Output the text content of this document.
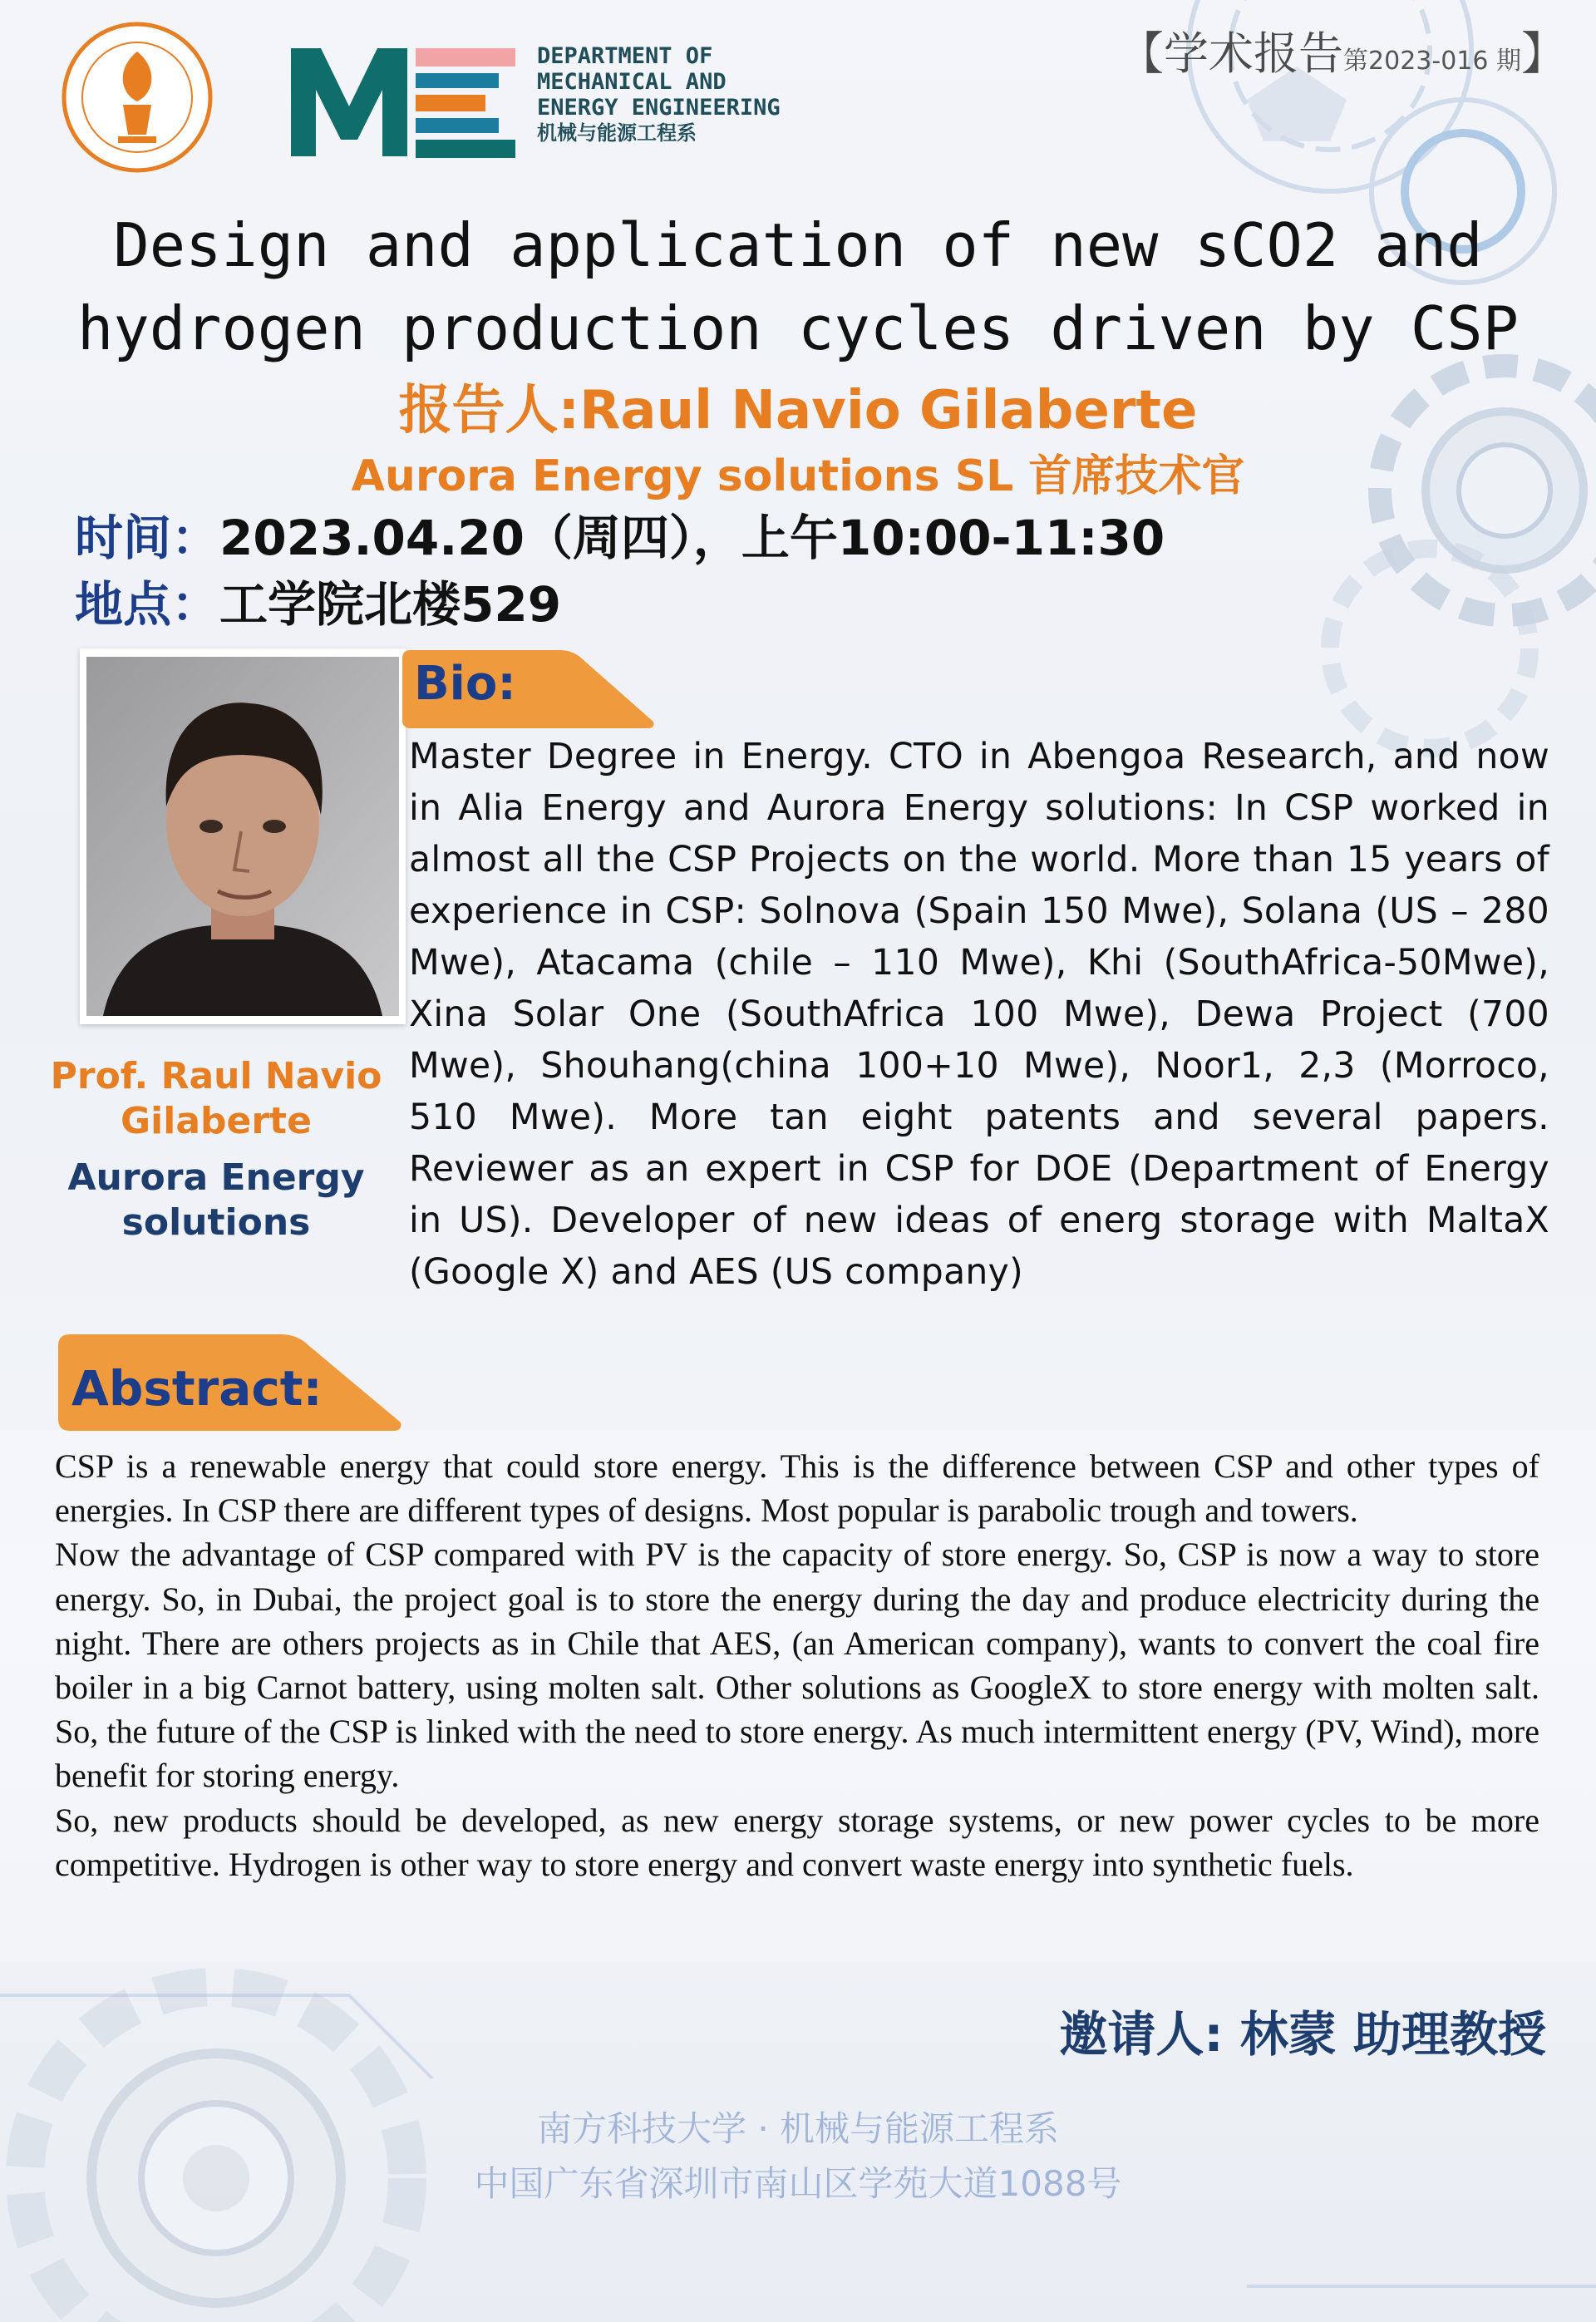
【学术报告第2023-016 期】
DEPARTMENT OF
MECHANICAL AND
ENERGY ENGINEERING
机械与能源工程系
Design and application of new sCO2 and
hydrogen production cycles driven by CSP
报告人:Raul Navio Gilaberte
Aurora Energy solutions SL 首席技术官
时间：2023.04.20（周四），上午10:00-11:30
地点：工学院北楼529
Prof. Raul Navio
Gilaberte
Aurora Energy
solutions
Bio:
Master Degree in Energy. CTO in Abengoa Research, and now in Alia Energy and Aurora Energy solutions: In CSP worked in almost all the CSP Projects on the world. More than 15 years of experience in CSP: Solnova (Spain 150 Mwe), Solana (US – 280 Mwe), Atacama (chile – 110 Mwe), Khi (SouthAfrica-50Mwe), Xina Solar One (SouthAfrica 100 Mwe), Dewa Project (700 Mwe), Shouhang(china 100+10 Mwe), Noor1, 2,3 (Morroco, 510 Mwe). More tan eight patents and several papers. Reviewer as an expert in CSP for DOE (Department of Energy in US). Developer of new ideas of energ storage with MaltaX (Google X) and AES (US company)
Abstract:

CSP is a renewable energy that could store energy. This is the difference between CSP and other types of energies. In CSP there are different types of designs. Most popular is parabolic trough and towers.

Now the advantage of CSP compared with PV is the capacity of store energy. So, CSP is now a way to store energy. So, in Dubai, the project goal is to store the energy during the day and produce electricity during the night. There are others projects as in Chile that AES, (an American company), wants to convert the coal fire boiler in a big Carnot battery, using molten salt. Other solutions as GoogleX to store energy with molten salt. So, the future of the CSP is linked with the need to store energy. As much intermittent energy (PV, Wind), more benefit for storing energy.

So, new products should be developed, as new energy storage systems, or new power cycles to be more competitive. Hydrogen is other way to store energy and convert waste energy into synthetic fuels.

邀请人: 林蒙 助理教授
南方科技大学 · 机械与能源工程系
中国广东省深圳市南山区学苑大道1088号
